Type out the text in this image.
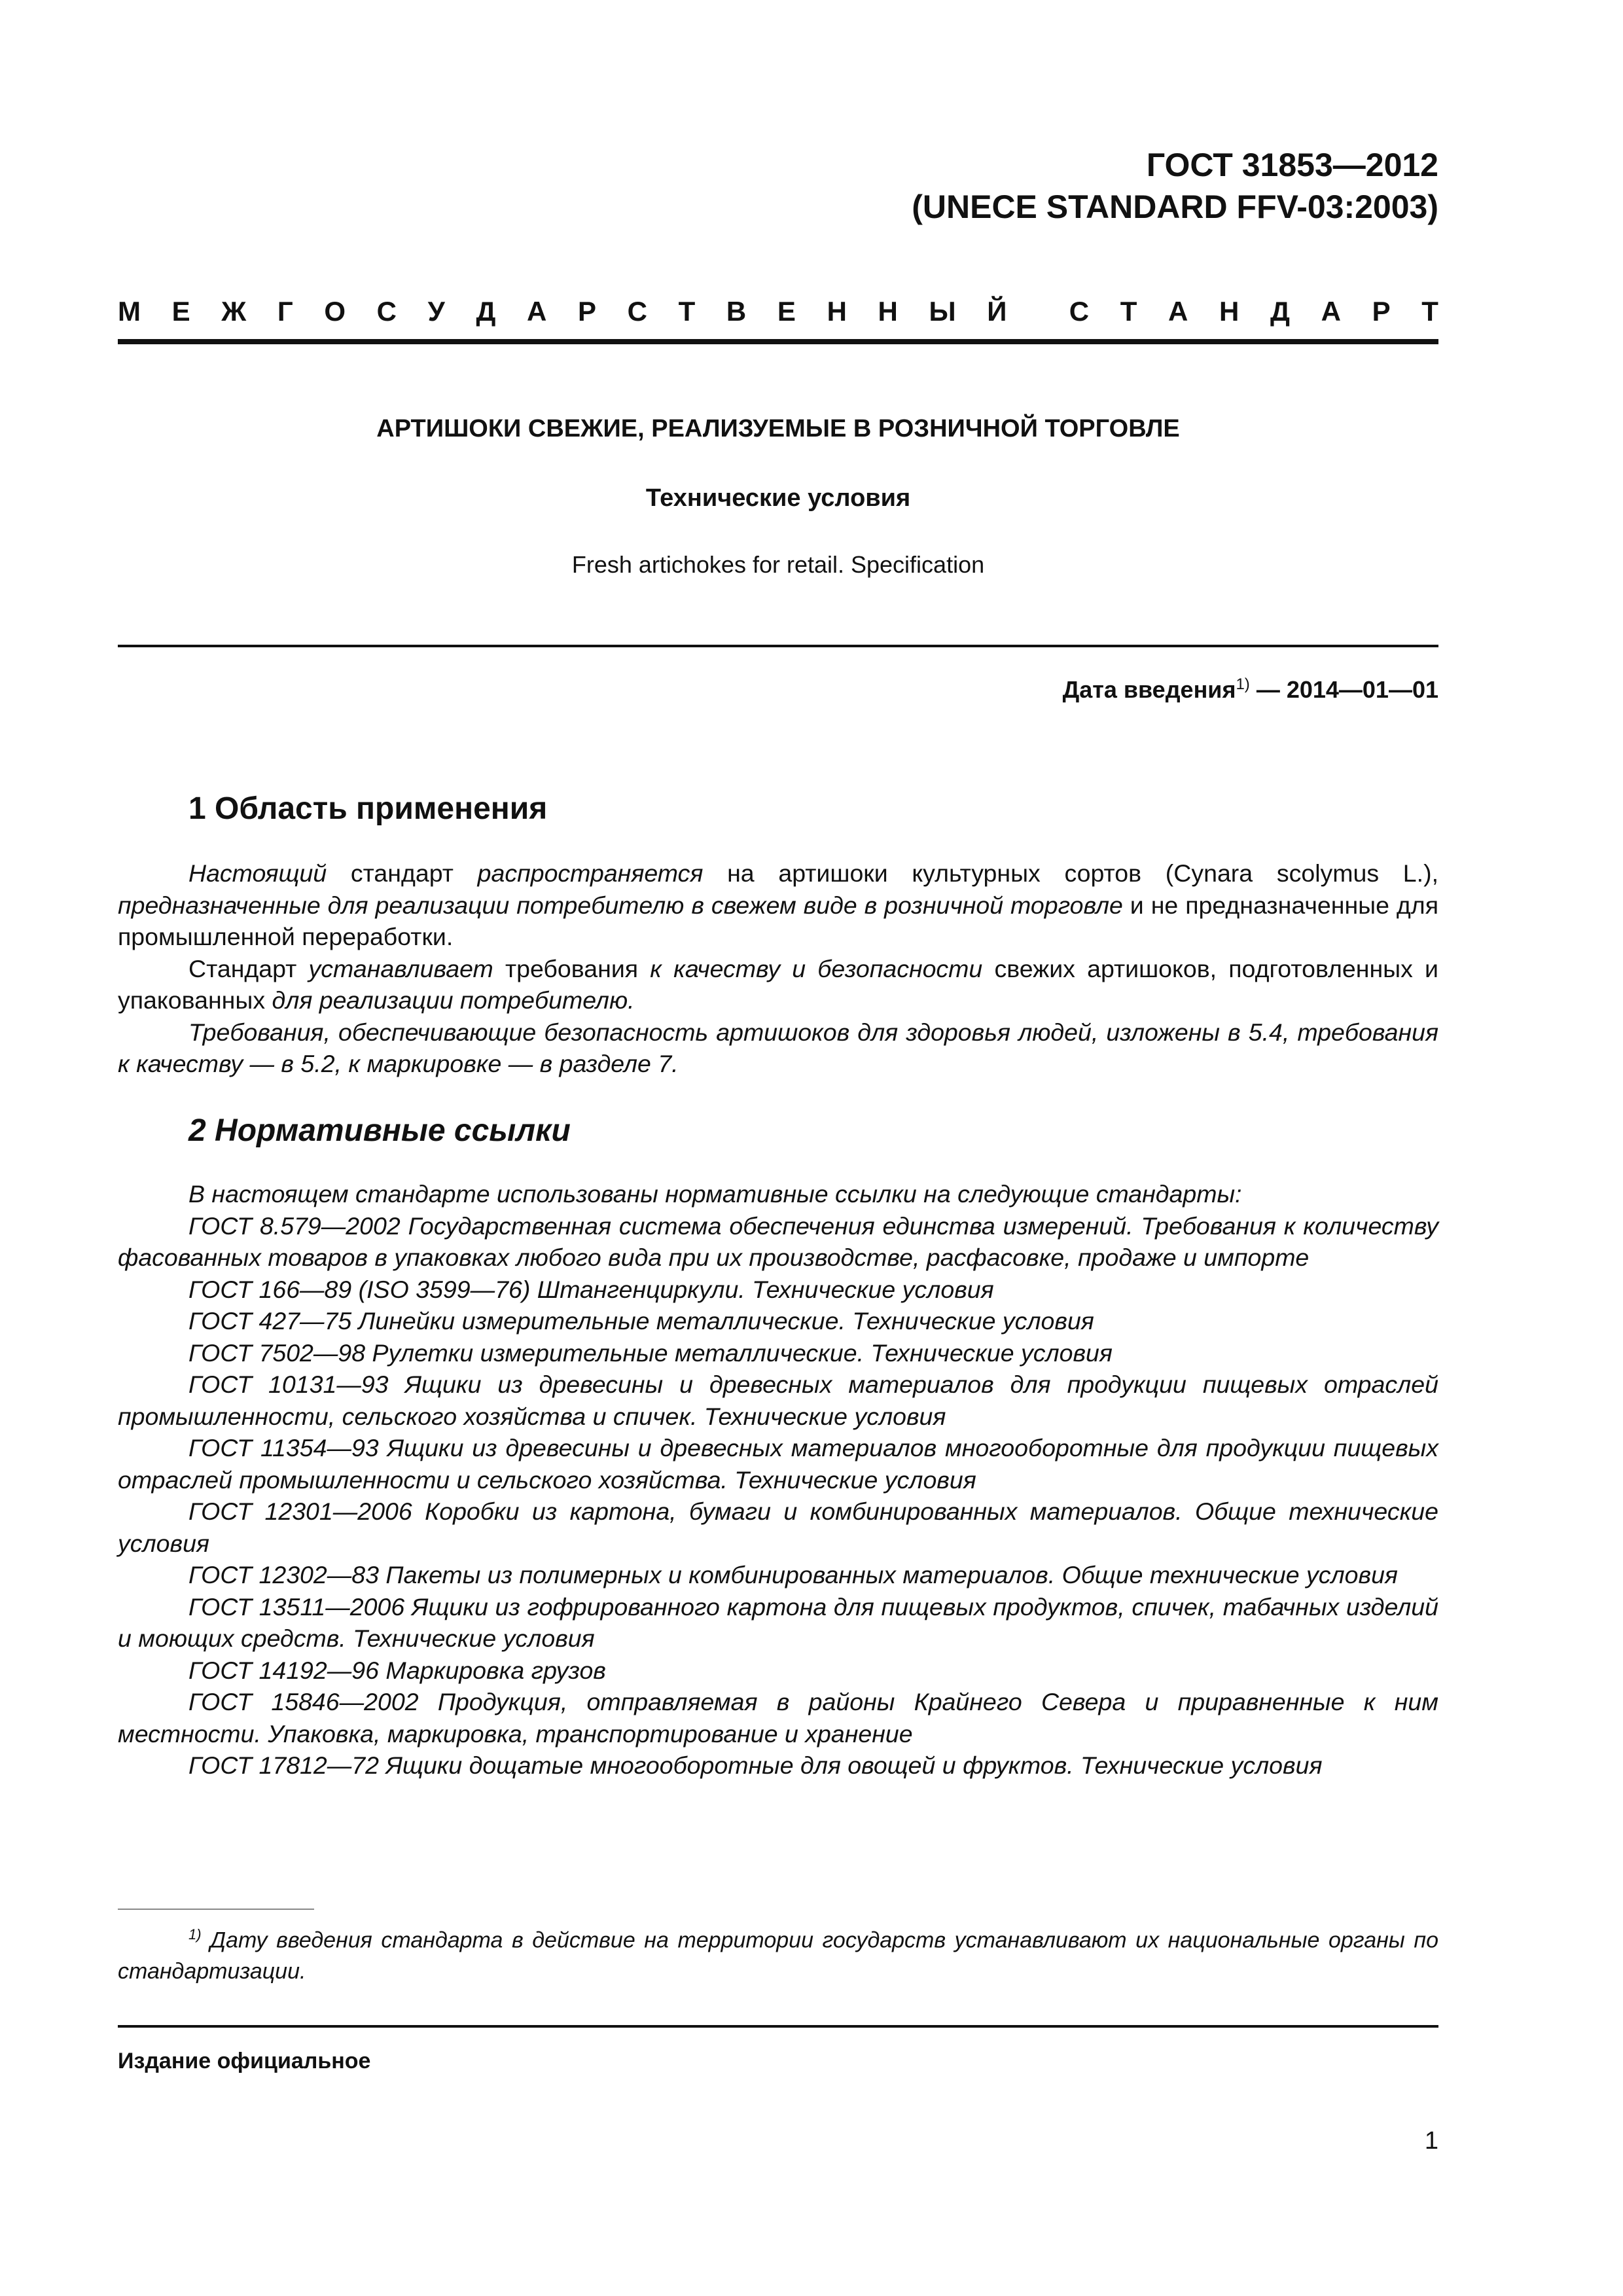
ГОСТ 31853—2012
(UNECE STANDARD FFV-03:2003)
М Е Ж Г О С У Д А Р С Т В Е Н Н Ы Й С Т А Н Д А Р Т
АРТИШОКИ СВЕЖИЕ, РЕАЛИЗУЕМЫЕ В РОЗНИЧНОЙ ТОРГОВЛЕ
Технические условия
Fresh artichokes for retail. Specification
Дата введения$^{1)}$ — 2014—01—01
1 Область применения

Настоящий стандарт распространяется на артишоки культурных сортов (Cynara scolymus L.), предназначенные для реализации потребителю в свежем виде в розничной торговле и не предназначенные для промышленной переработки.

Стандарт устанавливает требования к качеству и безопасности свежих артишоков, подготовленных и упакованных для реализации потребителю.

Требования, обеспечивающие безопасность артишоков для здоровья людей, изложены в 5.4, требования к качеству — в 5.2, к маркировке — в разделе 7.

2 Нормативные ссылки

В настоящем стандарте использованы нормативные ссылки на следующие стандарты:

ГОСТ 8.579—2002 Государственная система обеспечения единства измерений. Требования к количеству фасованных товаров в упаковках любого вида при их производстве, расфасовке, продаже и импорте

ГОСТ 166—89 (ISO 3599—76) Штангенциркули. Технические условия

ГОСТ 427—75 Линейки измерительные металлические. Технические условия

ГОСТ 7502—98 Рулетки измерительные металлические. Технические условия

ГОСТ 10131—93 Ящики из древесины и древесных материалов для продукции пищевых отраслей промышленности, сельского хозяйства и спичек. Технические условия

ГОСТ 11354—93 Ящики из древесины и древесных материалов многооборотные для продукции пищевых отраслей промышленности и сельского хозяйства. Технические условия

ГОСТ 12301—2006 Коробки из картона, бумаги и комбинированных материалов. Общие технические условия

ГОСТ 12302—83 Пакеты из полимерных и комбинированных материалов. Общие технические условия

ГОСТ 13511—2006 Ящики из гофрированного картона для пищевых продуктов, спичек, табачных изделий и моющих средств. Технические условия

ГОСТ 14192—96 Маркировка грузов

ГОСТ 15846—2002 Продукция, отправляемая в районы Крайнего Севера и приравненные к ним местности. Упаковка, маркировка, транспортирование и хранение

ГОСТ 17812—72 Ящики дощатые многооборотные для овощей и фруктов. Технические условия

$^{1)}$ Дату введения стандарта в действие на территории государств устанавливают их национальные органы по стандартизации.

Издание официальное
1
